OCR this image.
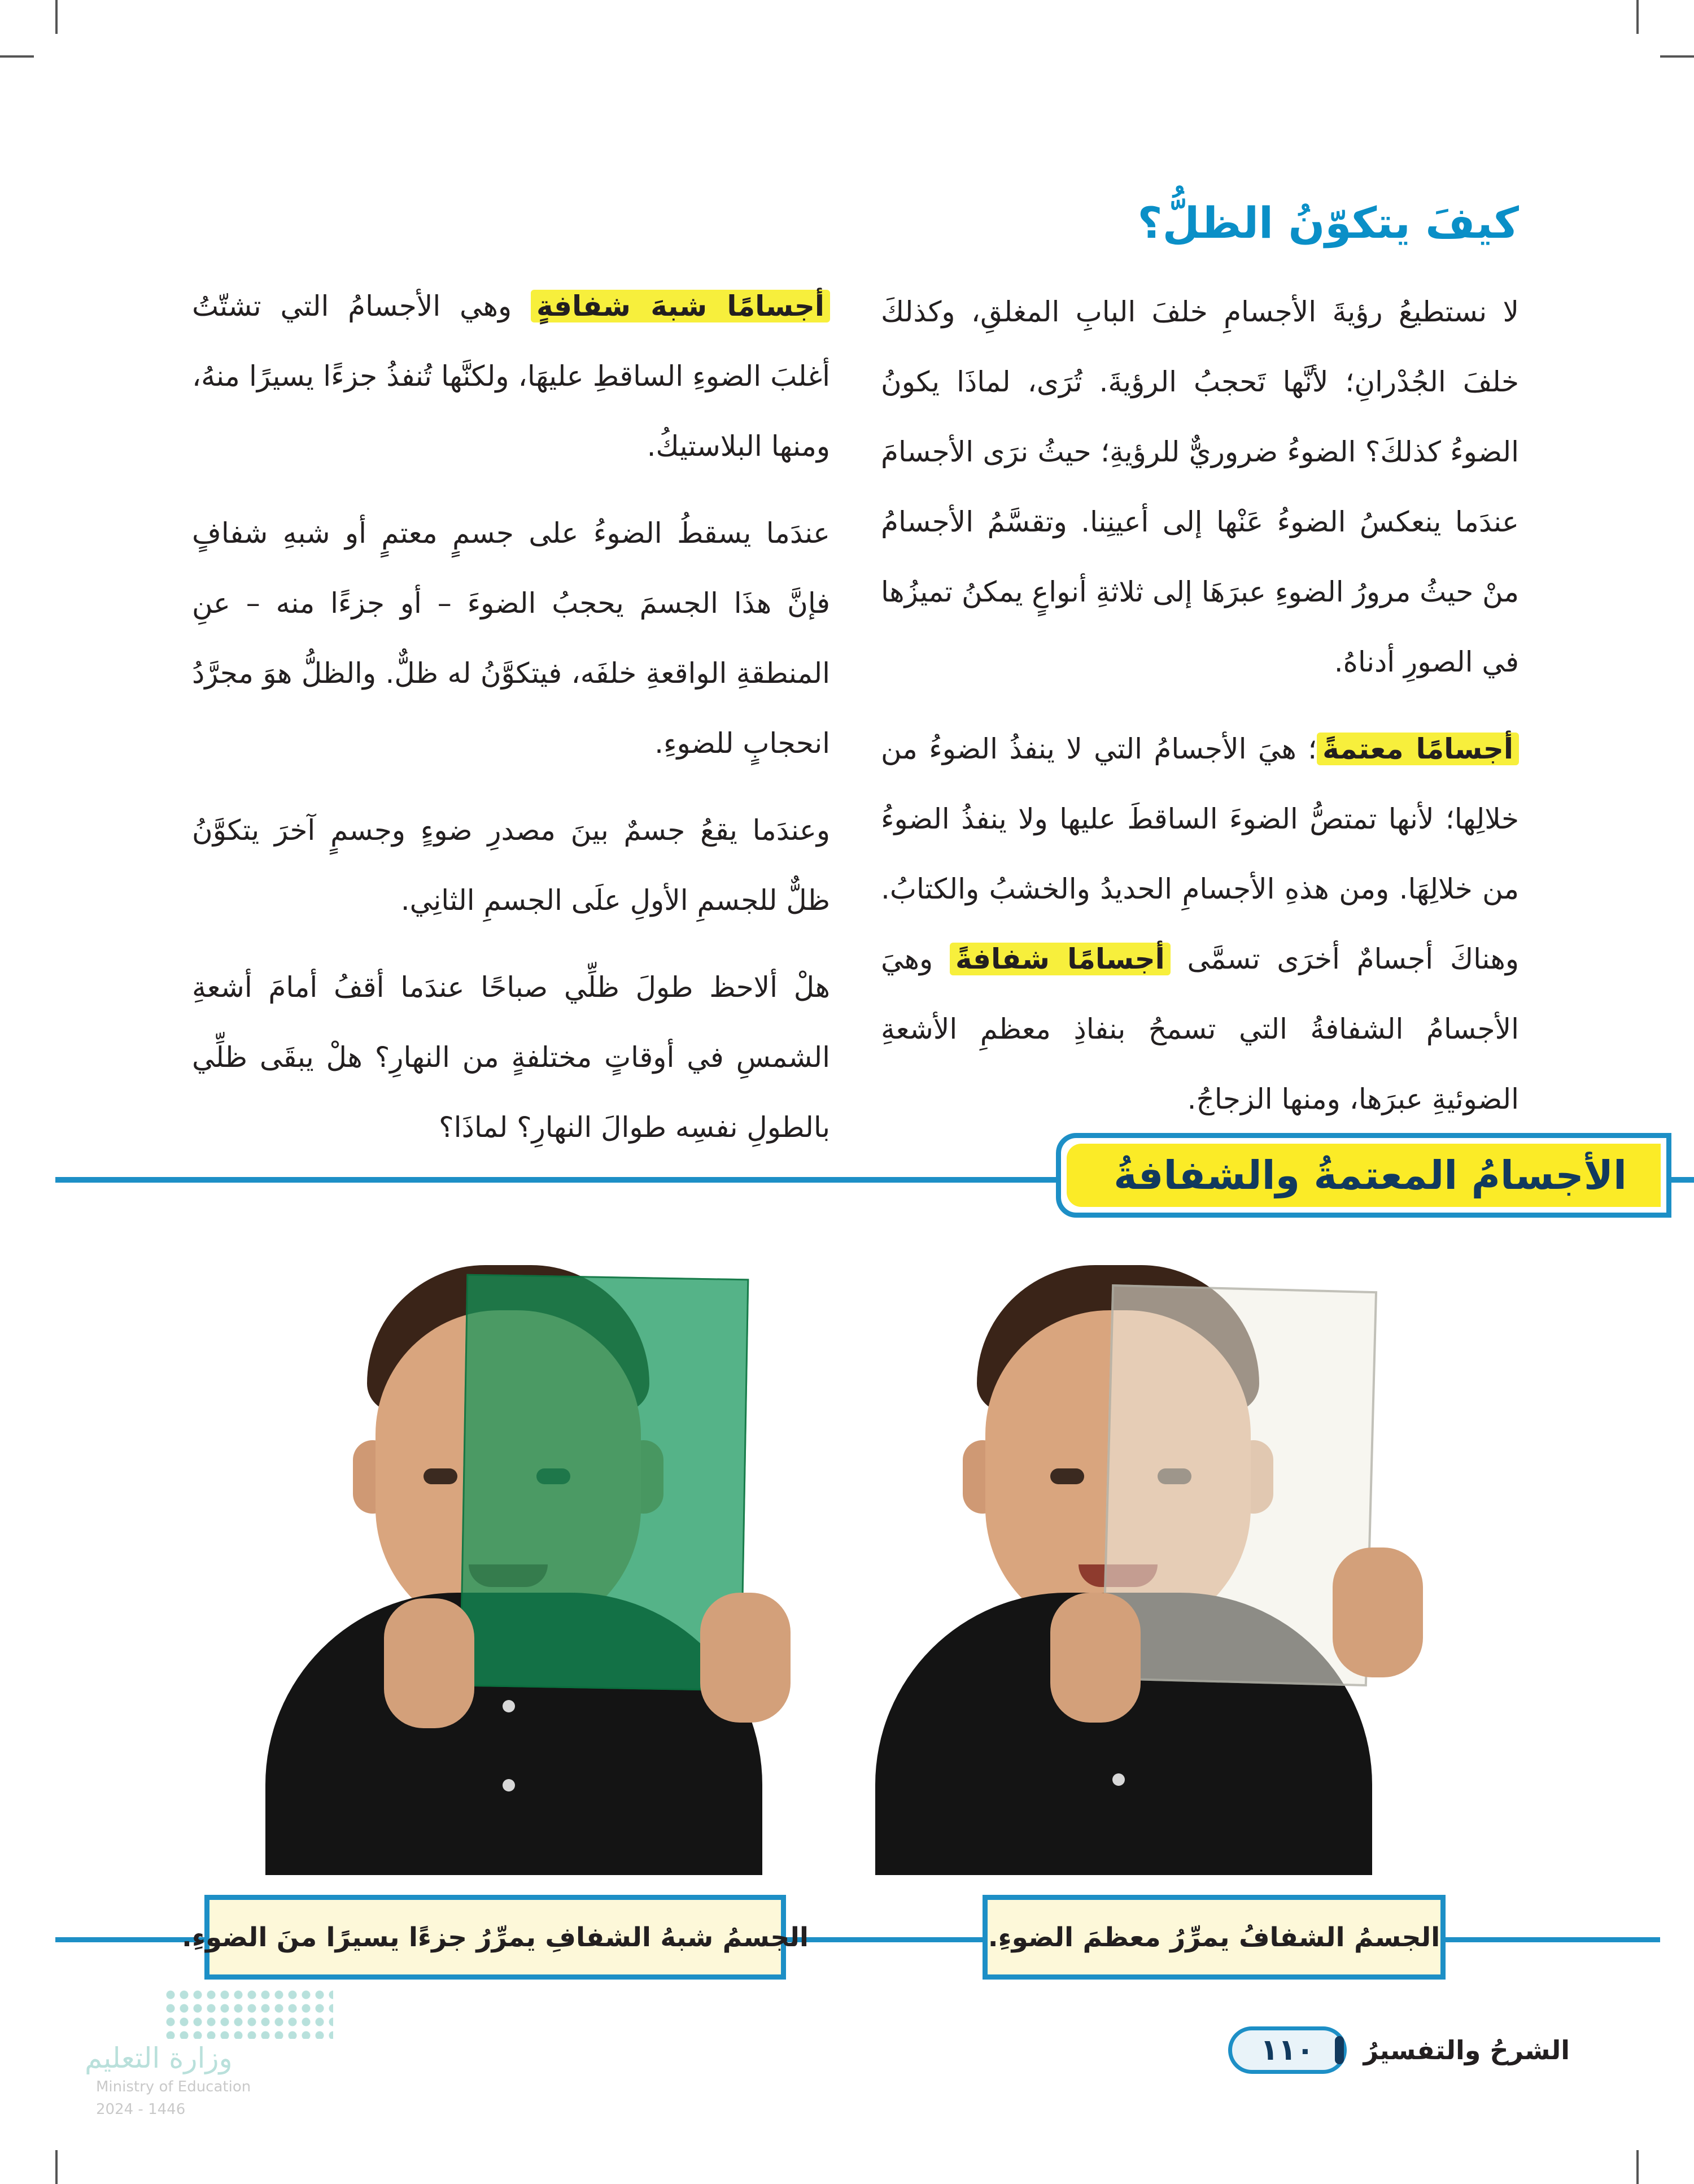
كيفَ يتكوّنُ الظلُّ؟

لا نستطيعُ رؤيةَ الأجسامِ خلفَ البابِ المغلقِ، وكذلكَ خلفَ الجُدْرانِ؛ لأنَّها تَحجبُ الرؤيةَ. تُرَى، لماذَا يكونُ الضوءُ كذلكَ؟ الضوءُ ضروريٌّ للرؤيةِ؛ حيثُ نرَى الأجسامَ عندَما ينعكسُ الضوءُ عَنْها إلى أعينِنا. وتقسَّمُ الأجسامُ منْ حيثُ مرورُ الضوءِ عبرَهَا إلى ثلاثةِ أنواعٍ يمكنُ تميزُها في الصورِ أدناهُ.

أجسامًا معتمةً؛ هيَ الأجسامُ التي لا ينفذُ الضوءُ من خلالِها؛ لأنها تمتصُّ الضوءَ الساقطَ عليها ولا ينفذُ الضوءُ من خلالِهَا. ومن هذهِ الأجسامِ الحديدُ والخشبُ والكتابُ. وهناكَ أجسامٌ أخرَى تسمَّى أجسامًا شفافةً وهيَ الأجسامُ الشفافةُ التي تسمحُ بنفاذِ معظمِ الأشعةِ الضوئيةِ عبرَها، ومنها الزجاجُ.

أجسامًا شبهَ شفافةٍ وهي الأجسامُ التي تشتّتُ أغلبَ الضوءِ الساقطِ عليهَا، ولكنَّها تُنفذُ جزءًا يسيرًا منهُ، ومنها البلاستيكُ.

عندَما يسقطُ الضوءُ على جسمٍ معتمٍ أو شبهِ شفافٍ فإنَّ هذَا الجسمَ يحجبُ الضوءَ – أو جزءًا منه – عنِ المنطقةِ الواقعةِ خلفَه، فيتكوَّنُ له ظلٌّ. والظلُّ هوَ مجرَّدُ انحجابٍ للضوءِ.

وعندَما يقعُ جسمٌ بينَ مصدرِ ضوءٍ وجسمٍ آخرَ يتكوَّنُ ظلٌّ للجسمِ الأولِ علَى الجسمِ الثانِي.

هلْ ألاحظ طولَ ظلِّي صباحًا عندَما أقفُ أمامَ أشعةِ الشمسِ في أوقاتٍ مختلفةٍ من النهارِ؟ هلْ يبقَى ظلِّي بالطولِ نفسِه طوالَ النهارِ؟ لماذَا؟

الأجسامُ المعتمةُ والشفافةُ
الجسمُ الشفافُ يمرِّرُ معظمَ الضوءِ.
الجسمُ شبهُ الشفافِ يمرِّرُ جزءًا يسيرًا منَ الضوءِ.
الشرحُ والتفسيرُ
١١٠
وزارة التعليم
Ministry of Education
2024 - 1446
